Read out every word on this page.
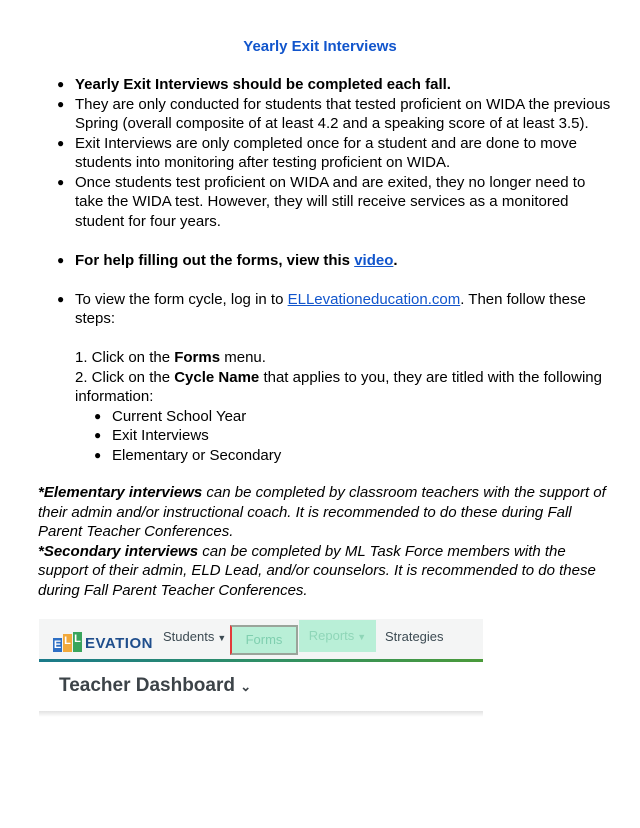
Yearly Exit Interviews
● Yearly Exit Interviews should be completed each fall.
● They are only conducted for students that tested proficient on WIDA the previous Spring (overall composite of at least 4.2 and a speaking score of at least 3.5).
● Exit Interviews are only completed once for a student and are done to move students into monitoring after testing proficient on WIDA.
● Once students test proficient on WIDA and are exited, they no longer need to take the WIDA test. However, they will still receive services as a monitored student for four years.
● For help filling out the forms, view this video.
● To view the form cycle, log in to ELLevationeducation.com. Then follow these steps:
1. Click on the Forms menu.
2. Click on the Cycle Name that applies to you, they are titled with the following information:
● Current School Year
● Exit Interviews
● Elementary or Secondary

*Elementary interviews can be completed by classroom teachers with the support of their admin and/or instructional coach. It is recommended to do these during Fall Parent Teacher Conferences.

*Secondary interviews can be completed by ML Task Force members with the support of their admin, ELD Lead, and/or counselors. It is recommended to do these during Fall Parent Teacher Conferences.

E L L EVATION Students ▼	Forms	Reports ▼	Strategies
Teacher Dashboard ⌄
